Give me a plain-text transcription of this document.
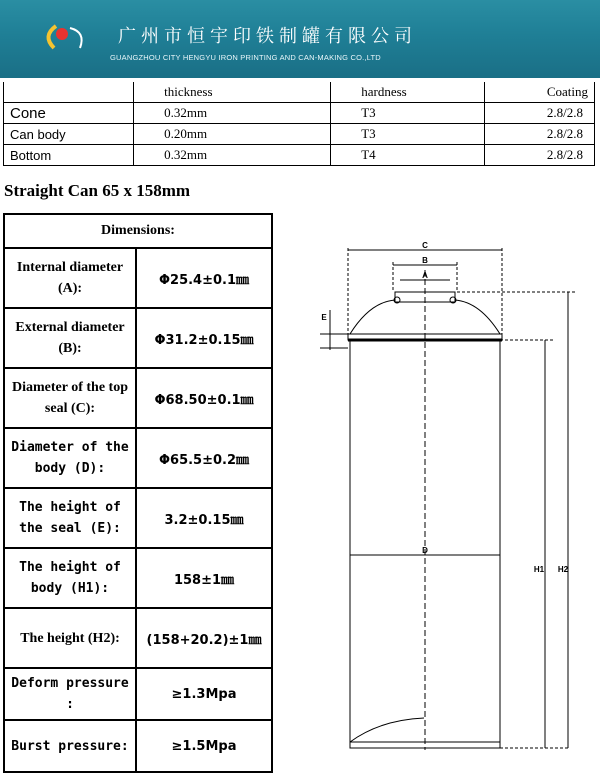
广州市恒宇印铁制罐有限公司
GUANGZHOU CITY HENGYU IRON PRINTING AND CAN-MAKING CO.,LTD
	thickness	hardness	Coating
Cone	0.32mm	T3	2.8/2.8
Can body	0.20mm	T3	2.8/2.8
Bottom	0.32mm	T4	2.8/2.8
Straight Can 65 x 158mm
Dimensions:	
Internal diameter (A):	Φ25.4±0.1㎜
External diameter (B):	Φ31.2±0.15㎜
Diameter of the top seal (C):	Φ68.50±0.1㎜
Diameter of the body (D):	Φ65.5±0.2㎜
The height of the seal (E):	3.2±0.15㎜
The height of body (H1):	158±1㎜
The height (H2):	(158+20.2)±1㎜
Deform pressure :	≥1.3Mpa
Burst pressure:	≥1.5Mpa
C
B
A
D
E
H1 H2
